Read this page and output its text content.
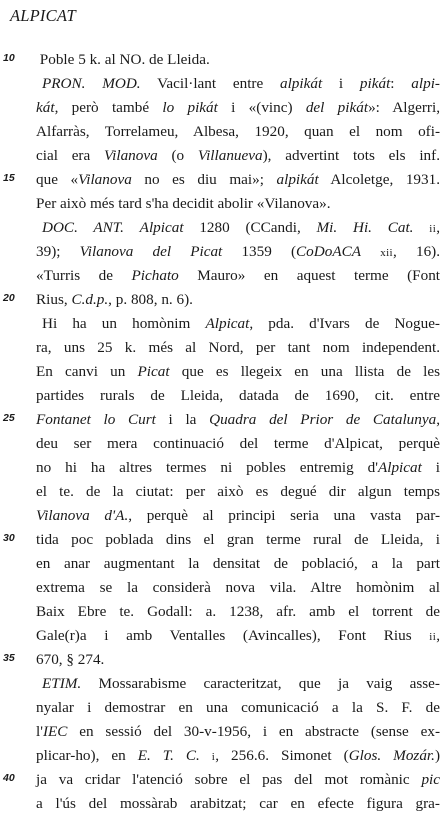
ALPICAT
10	Poble 5 k. al NO. de Lleida.
PRON. MOD. Vacil·lant entre alpikát i pikát: alpi-
kát, però també lo pikát i «(vinc) del pikát»: Algerri,
Alfarràs, Torrelameu, Albesa, 1920, quan el nom ofi-
cial era Vilanova (o Villanueva), advertint tots els inf.
15	que «Vilanova no es diu mai»; alpikát Alcoletge, 1931.
Per això més tard s'ha decidit abolir «Vilanova».
DOC. ANT. Alpicat 1280 (CCandi, Mi. Hi. Cat. ii,
39); Vilanova del Picat 1359 (CoDoACA xii, 16).
«Turris de Pichato Mauro» en aquest terme (Font
20	Rius, C.d.p., p. 808, n. 6).
Hi ha un homònim Alpicat, pda. d'Ivars de Nogue-
ra, uns 25 k. més al Nord, per tant nom independent.
En canvi un Picat que es llegeix en una llista de les
partides rurals de Lleida, datada de 1690, cit. entre
25	Fontanet lo Curt i la Quadra del Prior de Catalunya,
deu ser mera continuació del terme d'Alpicat, perquè
no hi ha altres termes ni pobles entremig d'Alpicat i
el te. de la ciutat: per això es degué dir algun temps
Vilanova d'A., perquè al principi seria una vasta par-
30	tida poc poblada dins el gran terme rural de Lleida, i
en anar augmentant la densitat de població, a la part
extrema se la considerà nova vila. Altre homònim al
Baix Ebre te. Godall: a. 1238, afr. amb el torrent de
Gale(r)a i amb Ventalles (Avincalles), Font Rius ii,
35	670, § 274.
ETIM. Mossarabisme caracteritzat, que ja vaig asse-
nyalar i demostrar en una comunicació a la S. F. de
l'IEC en sessió del 30-v-1956, i en abstracte (sense ex-
plicar-ho), en E. T. C. i, 256.6. Simonet (Glos. Mozár.)
40	ja va cridar l'atenció sobre el pas del mot romànic pic
a l'ús del mossàrab arabitzat; car en efecte figura gra-
